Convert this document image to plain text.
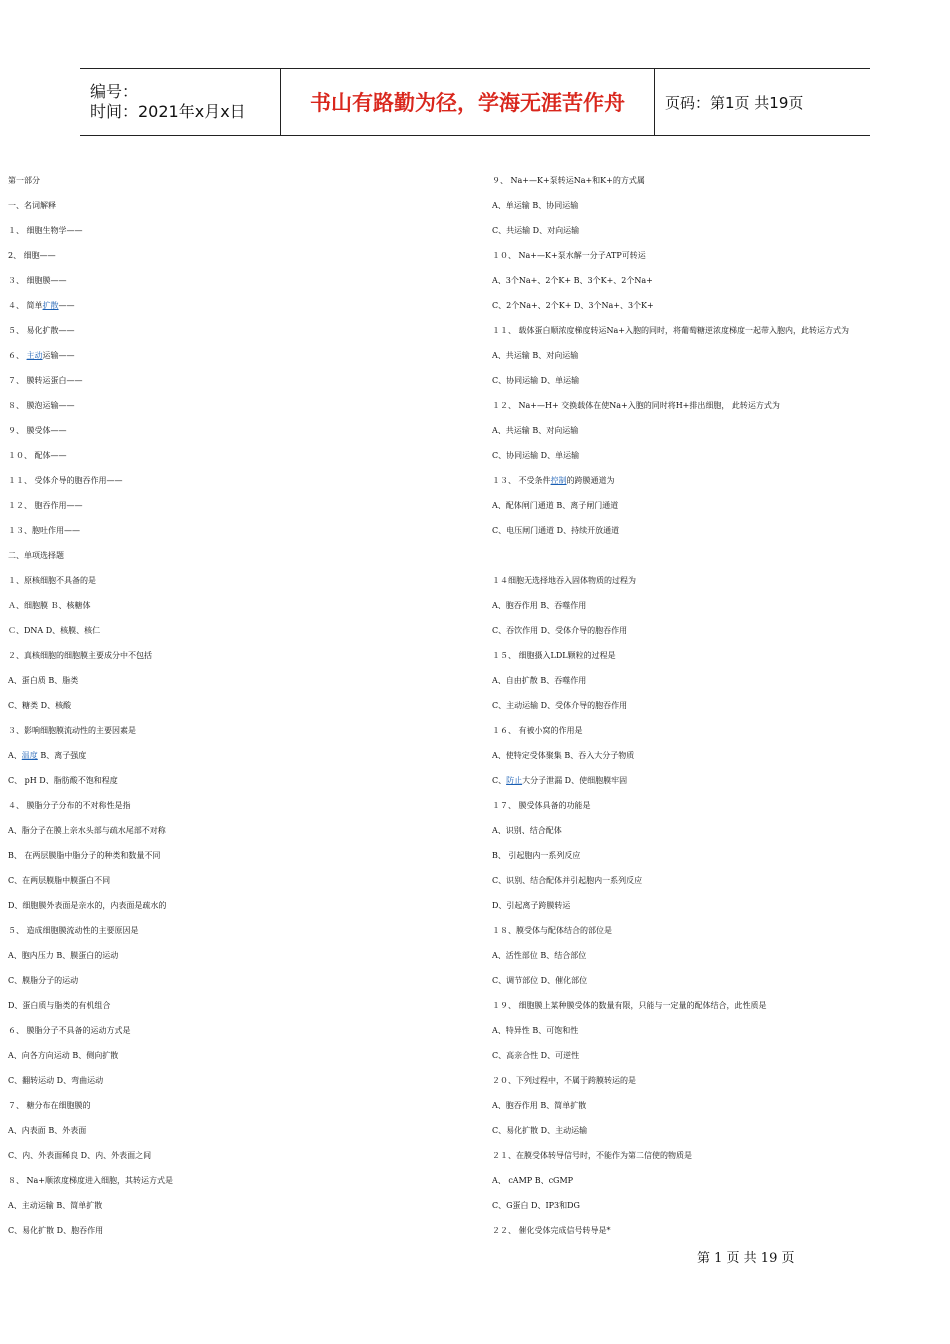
编号：
时间：2021年x月x日	书山有路勤为径，学海无涯苦作舟	页码：第1页 共19页
第一部分
一、名词解释
１、 细胞生物学——
2、 细胞——
３、 细胞膜——
４、 简单扩散——
５、 易化扩散——
６、 主动运输——
７、 膜转运蛋白——
８、 膜泡运输——
９、 膜受体——
１０、 配体——
１１、 受体介导的胞吞作用——
１２、 胞吞作用——
１３、胞吐作用——
二、单项选择题
１、原核细胞不具备的是
Ａ、细胞膜 Ｂ、核糖体
Ｃ、DNA D、核膜、核仁
２、真核细胞的细胞膜主要成分中不包括
A、蛋白质 B、脂类
C、糖类 D、核酸
３、影响细胞膜流动性的主要因素是
A、温度 B、离子强度
C、 pH D、脂肪酸不饱和程度
４、 膜脂分子分布的不对称性是指
A、脂分子在膜上亲水头部与疏水尾部不对称
B、 在两层膜脂中脂分子的种类和数量不同
C、在两层膜脂中膜蛋白不同
D、细胞膜外表面是亲水的，内表面是疏水的
５、 造成细胞膜流动性的主要原因是
A、胞内压力 B、膜蛋白的运动
C、膜脂分子的运动
D、蛋白质与脂类的有机组合
６、 膜脂分子不具备的运动方式是
A、向各方向运动 B、侧向扩散
C、翻转运动 D、弯曲运动
７、 糖分布在细胞膜的
A、内表面 B、外表面
C、内、外表面稀良 D、内、外表面之间
８、 Na+顺浓度梯度进入细胞，其转运方式是
A、主动运输 B、简单扩散
C、易化扩散 D、胞吞作用
９、 Na+—K+泵转运Na+和K+的方式属
A、单运输 B、协同运输
C、共运输 D、对向运输
１０、 Na+—K+泵水解一分子ATP可转运
A、3个Na+、2个K+ B、3个K+、2个Na+
C、2个Na+、2个K+ D、3个Na+、3个K+
１１、 载体蛋白顺浓度梯度转运Na+入胞的同时，将葡萄糖逆浓度梯度一起带入胞内，此转运方式为
A、共运输 B、对向运输
C、协同运输 D、单运输
１２、 Na+—H+ 交换载体在使Na+入胞的同时将H+排出细胞， 此转运方式为
A、共运输 B、对向运输
C、协同运输 D、单运输
１３、 不受条件控制的跨膜通道为
A、配体闸门通道 B、离子闸门通道
C、电压闸门通道 D、持续开放通道
１４细胞无选择地吞入固体物质的过程为
A、胞吞作用 B、吞噬作用
C、吞饮作用 D、受体介导的胞吞作用
１５、 细胞摄入LDL颗粒的过程是
A、自由扩散 B、吞噬作用
C、主动运输 D、受体介导的胞吞作用
１６、 有被小窝的作用是
A、使特定受体聚集 B、吞入大分子物质
C、防止大分子泄漏 D、使细胞膜牢固
１７、 膜受体具备的功能是
A、识别、结合配体
B、 引起胞内一系列反应
C、识别、结合配体并引起胞内一系列反应
D、引起离子跨膜转运
１８、膜受体与配体结合的部位是
A、活性部位 B、结合部位
C、调节部位 D、催化部位
１９、 细胞膜上某种膜受体的数量有限，只能与一定量的配体结合，此性质是
A、特异性 B、可饱和性
C、高亲合性 D、可逆性
２０、下列过程中，不属于跨膜转运的是
A、胞吞作用 B、简单扩散
C、易化扩散 D、主动运输
２１、在膜受体转导信号时，不能作为第二信使的物质是
A、 cAMP B、cGMP
C、G蛋白 D、IP3和DG
２２、 催化受体完成信号转导是*
第 1 页 共 19 页
